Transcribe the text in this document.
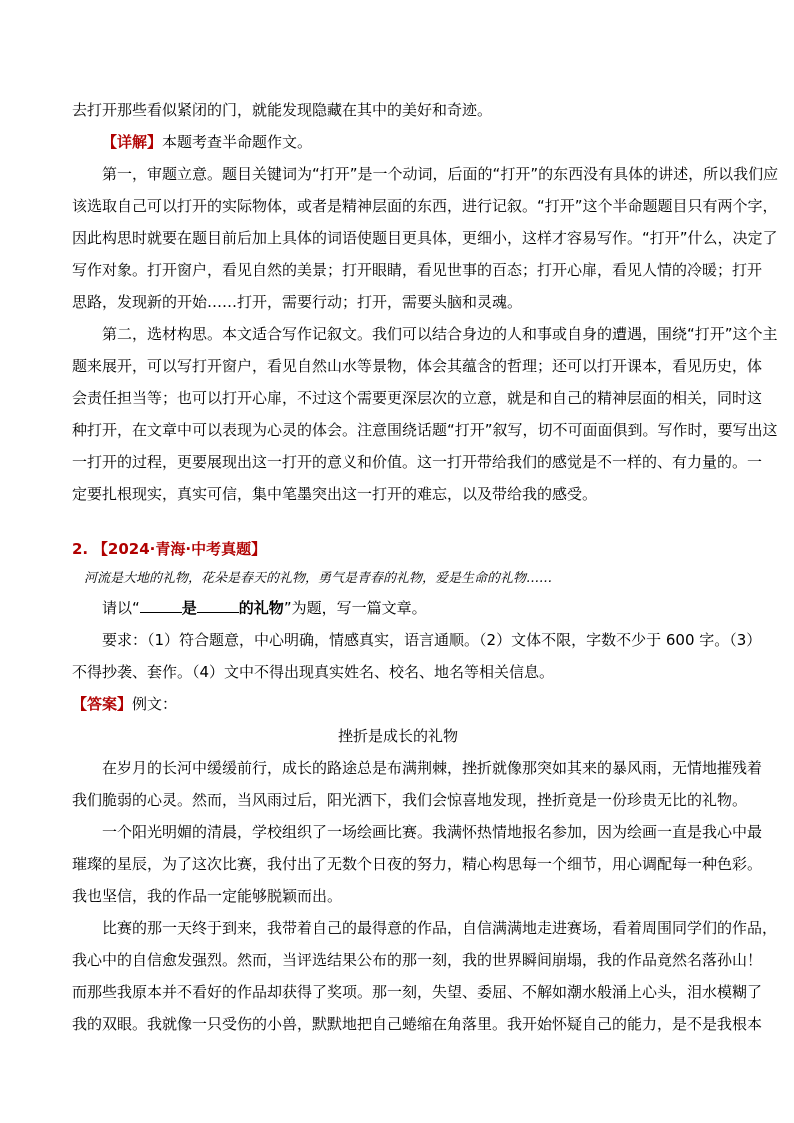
去打开那些看似紧闭的门，就能发现隐藏在其中的美好和奇迹。
【详解】本题考查半命题作文。
第一，审题立意。题目关键词为“打开”是一个动词，后面的“打开”的东西没有具体的讲述，所以我们应
该选取自己可以打开的实际物体，或者是精神层面的东西，进行记叙。“打开”这个半命题题目只有两个字，
因此构思时就要在题目前后加上具体的词语使题目更具体，更细小，这样才容易写作。“打开”什么，决定了
写作对象。打开窗户，看见自然的美景；打开眼睛，看见世事的百态；打开心扉，看见人情的冷暖；打开
思路，发现新的开始……打开，需要行动；打开，需要头脑和灵魂。
第二，选材构思。本文适合写作记叙文。我们可以结合身边的人和事或自身的遭遇，围绕“打开”这个主
题来展开，可以写打开窗户，看见自然山水等景物，体会其蕴含的哲理；还可以打开课本，看见历史，体
会责任担当等；也可以打开心扉，不过这个需要更深层次的立意，就是和自己的精神层面的相关，同时这
种打开，在文章中可以表现为心灵的体会。注意围绕话题“打开”叙写，切不可面面俱到。写作时，要写出这
一打开的过程，更要展现出这一打开的意义和价值。这一打开带给我们的感觉是不一样的、有力量的。一
定要扎根现实，真实可信，集中笔墨突出这一打开的难忘，以及带给我的感受。
2. 【2024·青海·中考真题】
河流是大地的礼物，花朵是春天的礼物，勇气是青春的礼物，爱是生命的礼物……
请以“	是	的礼物”为题，写一篇文章。
要求：（1）符合题意，中心明确，情感真实，语言通顺。（2）文体不限，字数不少于 600 字。（3）
不得抄袭、套作。（4）文中不得出现真实姓名、校名、地名等相关信息。
【答案】例文：
挫折是成长的礼物
在岁月的长河中缓缓前行，成长的路途总是布满荆棘，挫折就像那突如其来的暴风雨，无情地摧残着
我们脆弱的心灵。然而，当风雨过后，阳光洒下，我们会惊喜地发现，挫折竟是一份珍贵无比的礼物。
一个阳光明媚的清晨，学校组织了一场绘画比赛。我满怀热情地报名参加，因为绘画一直是我心中最
璀璨的星辰，为了这次比赛，我付出了无数个日夜的努力，精心构思每一个细节，用心调配每一种色彩。
我也坚信，我的作品一定能够脱颖而出。
比赛的那一天终于到来，我带着自己的最得意的作品，自信满满地走进赛场，看着周围同学们的作品，
我心中的自信愈发强烈。然而，当评选结果公布的那一刻，我的世界瞬间崩塌，我的作品竟然名落孙山！
而那些我原本并不看好的作品却获得了奖项。那一刻，失望、委屈、不解如潮水般涌上心头，泪水模糊了
我的双眼。我就像一只受伤的小兽，默默地把自己蜷缩在角落里。我开始怀疑自己的能力，是不是我根本
